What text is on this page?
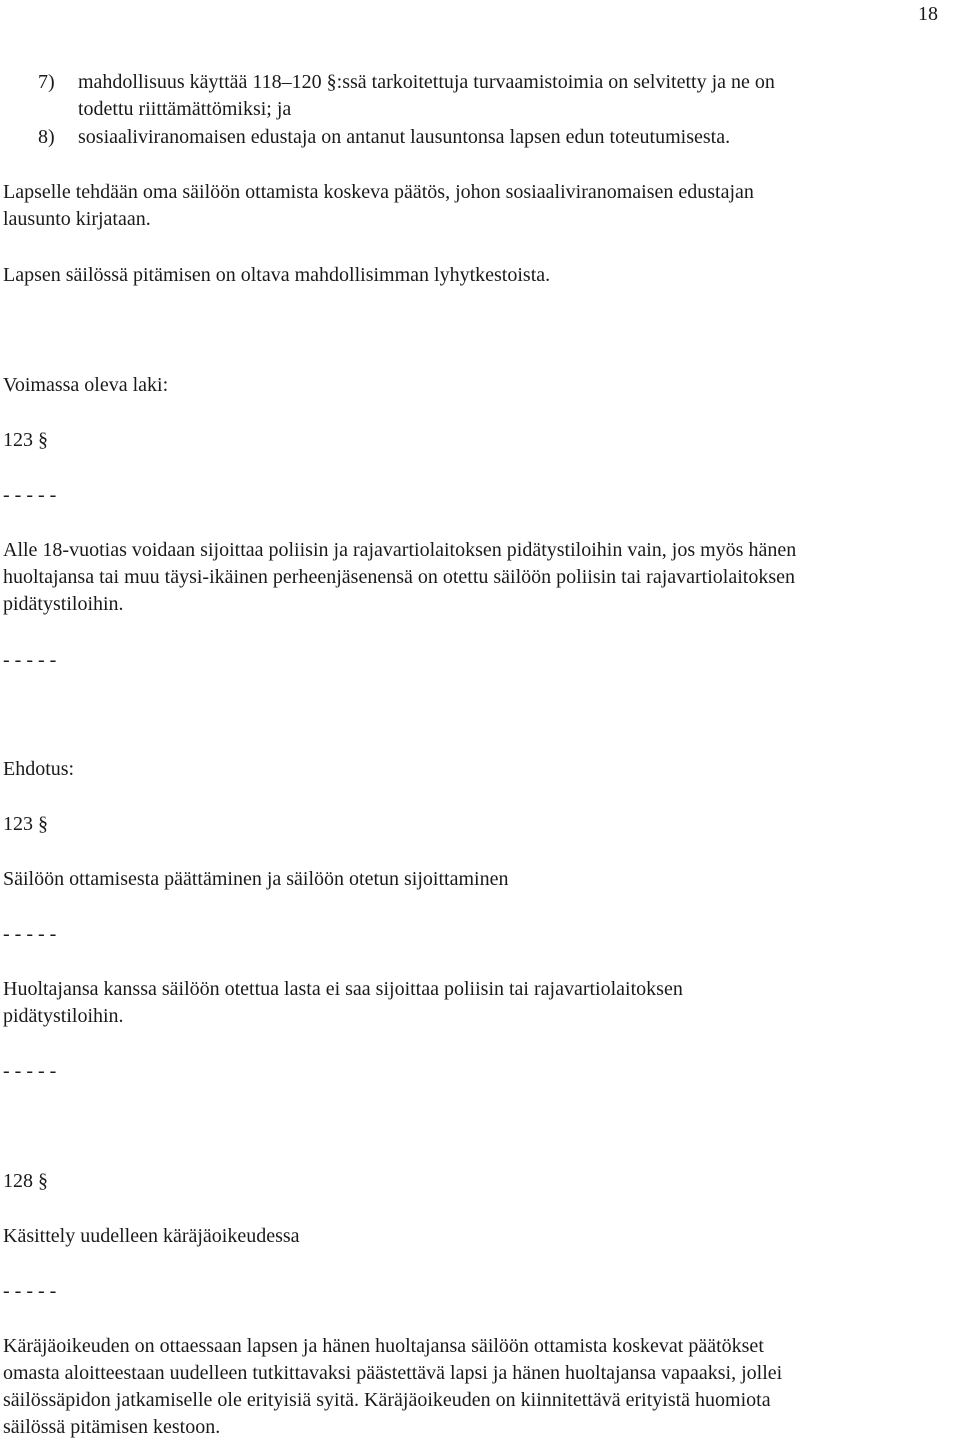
18

7) mahdollisuus käyttää 118–120 §:ssä tarkoitettuja turvaamistoimia on selvitetty ja ne on
todettu riittämättömiksi; ja
8) sosiaaliviranomaisen edustaja on antanut lausuntonsa lapsen edun toteutumisesta.

Lapselle tehdään oma säilöön ottamista koskeva päätös, johon sosiaaliviranomaisen edustajan

lausunto kirjataan.

Lapsen säilössä pitämisen on oltava mahdollisimman lyhytkestoista.

Voimassa oleva laki:

123 §

- - - - -

Alle 18-vuotias voidaan sijoittaa poliisin ja rajavartiolaitoksen pidätystiloihin vain, jos myös hänen

huoltajansa tai muu täysi-ikäinen perheenjäsenensä on otettu säilöön poliisin tai rajavartiolaitoksen

pidätystiloihin.

- - - - -

Ehdotus:

123 §

Säilöön ottamisesta päättäminen ja säilöön otetun sijoittaminen

- - - - -

Huoltajansa kanssa säilöön otettua lasta ei saa sijoittaa poliisin tai rajavartiolaitoksen

pidätystiloihin.

- - - - -

128 §

Käsittely uudelleen käräjäoikeudessa

- - - - -

Käräjäoikeuden on ottaessaan lapsen ja hänen huoltajansa säilöön ottamista koskevat päätökset

omasta aloitteestaan uudelleen tutkittavaksi päästettävä lapsi ja hänen huoltajansa vapaaksi, jollei

säilössäpidon jatkamiselle ole erityisiä syitä. Käräjäoikeuden on kiinnitettävä erityistä huomiota

säilössä pitämisen kestoon.
